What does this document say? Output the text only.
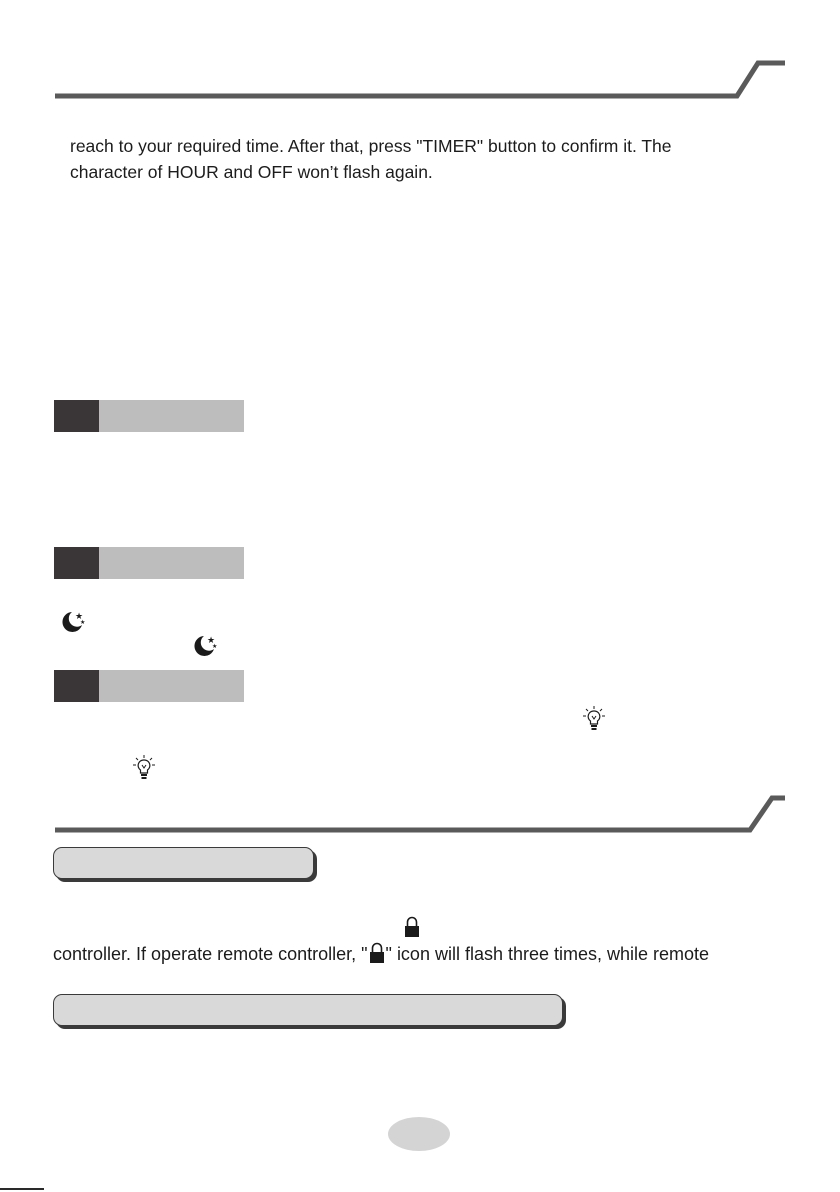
reach to your required time. After that, press "TIMER" button to confirm it. The
character of HOUR and OFF won’t flash again.
★
★
★
★
controller. If operate remote controller, " " icon will flash three times, while remote
